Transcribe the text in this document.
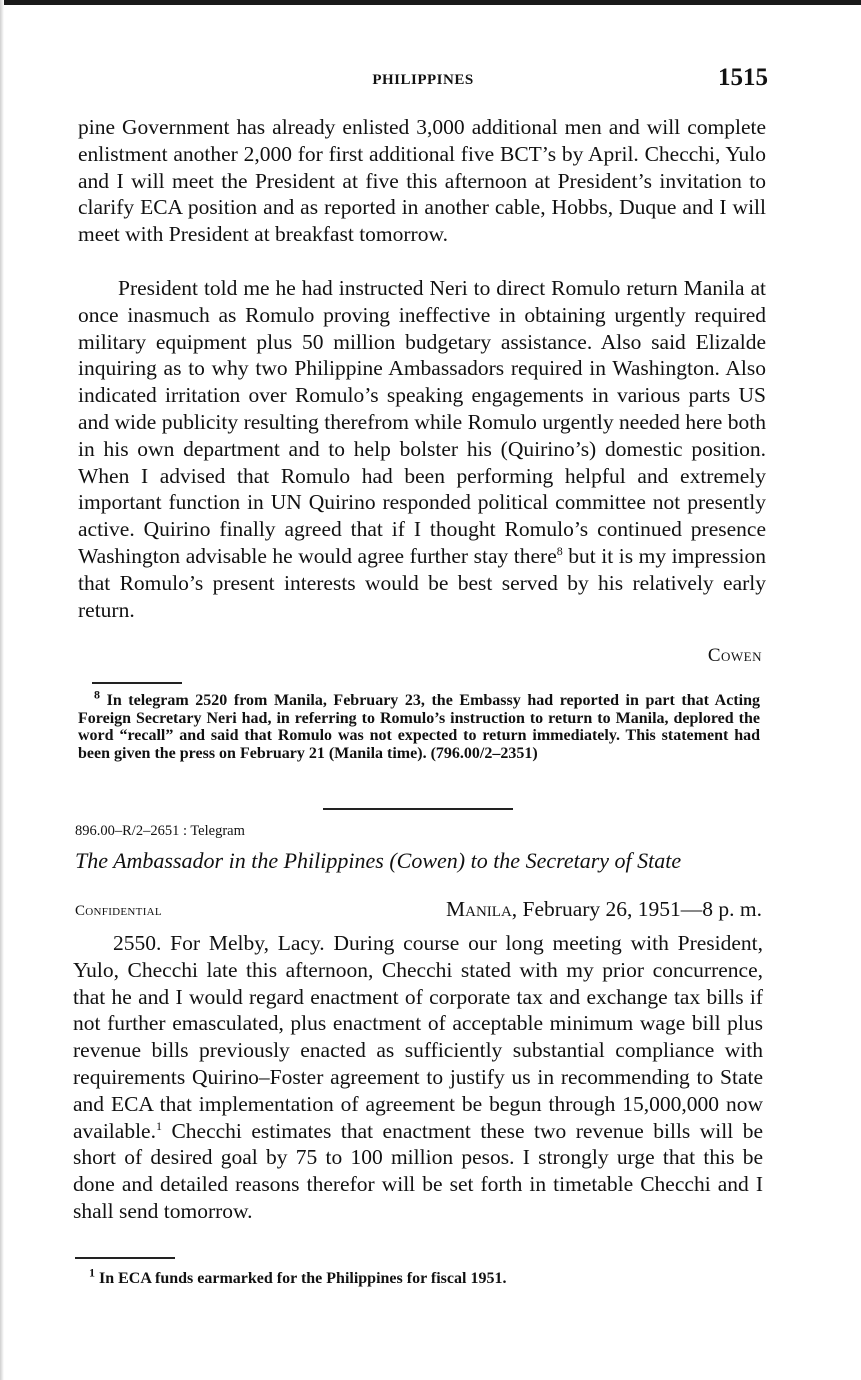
PHILIPPINES	1515

pine Government has already enlisted 3,000 additional men and will complete enlistment another 2,000 for first additional five BCT’s by April. Checchi, Yulo and I will meet the President at five this afternoon at President’s invitation to clarify ECA position and as reported in another cable, Hobbs, Duque and I will meet with President at breakfast tomorrow.

President told me he had instructed Neri to direct Romulo return Manila at once inasmuch as Romulo proving ineffective in obtaining urgently required military equipment plus 50 million budgetary assistance. Also said Elizalde inquiring as to why two Philippine Ambassadors required in Washington. Also indicated irritation over Romulo’s speaking engagements in various parts US and wide publicity resulting therefrom while Romulo urgently needed here both in his own department and to help bolster his (Quirino’s) domestic position. When I advised that Romulo had been performing helpful and extremely important function in UN Quirino responded political committee not presently active. Quirino finally agreed that if I thought Romulo’s continued presence Washington advisable he would agree further stay there$^8$ but it is my impression that Romulo’s present interests would be best served by his relatively early return.

Cowen

$^8$ In telegram 2520 from Manila, February 23, the Embassy had reported in part that Acting Foreign Secretary Neri had, in referring to Romulo’s instruction to return to Manila, deplored the word “recall” and said that Romulo was not expected to return immediately. This statement had been given the press on February 21 (Manila time). (796.00/2–2351)

896.00–R/2–2651 : Telegram
The Ambassador in the Philippines (Cowen) to the Secretary of State
Confidential	Manila, February 26, 1951—8 p. m.

2550. For Melby, Lacy. During course our long meeting with President, Yulo, Checchi late this afternoon, Checchi stated with my prior concurrence, that he and I would regard enactment of corporate tax and exchange tax bills if not further emasculated, plus enactment of acceptable minimum wage bill plus revenue bills previously enacted as sufficiently substantial compliance with requirements Quirino–Foster agreement to justify us in recommending to State and ECA that implementation of agreement be begun through 15,000,000 now available.$^1$ Checchi estimates that enactment these two revenue bills will be short of desired goal by 75 to 100 million pesos. I strongly urge that this be done and detailed reasons therefor will be set forth in timetable Checchi and I shall send tomorrow.

$^1$ In ECA funds earmarked for the Philippines for fiscal 1951.
